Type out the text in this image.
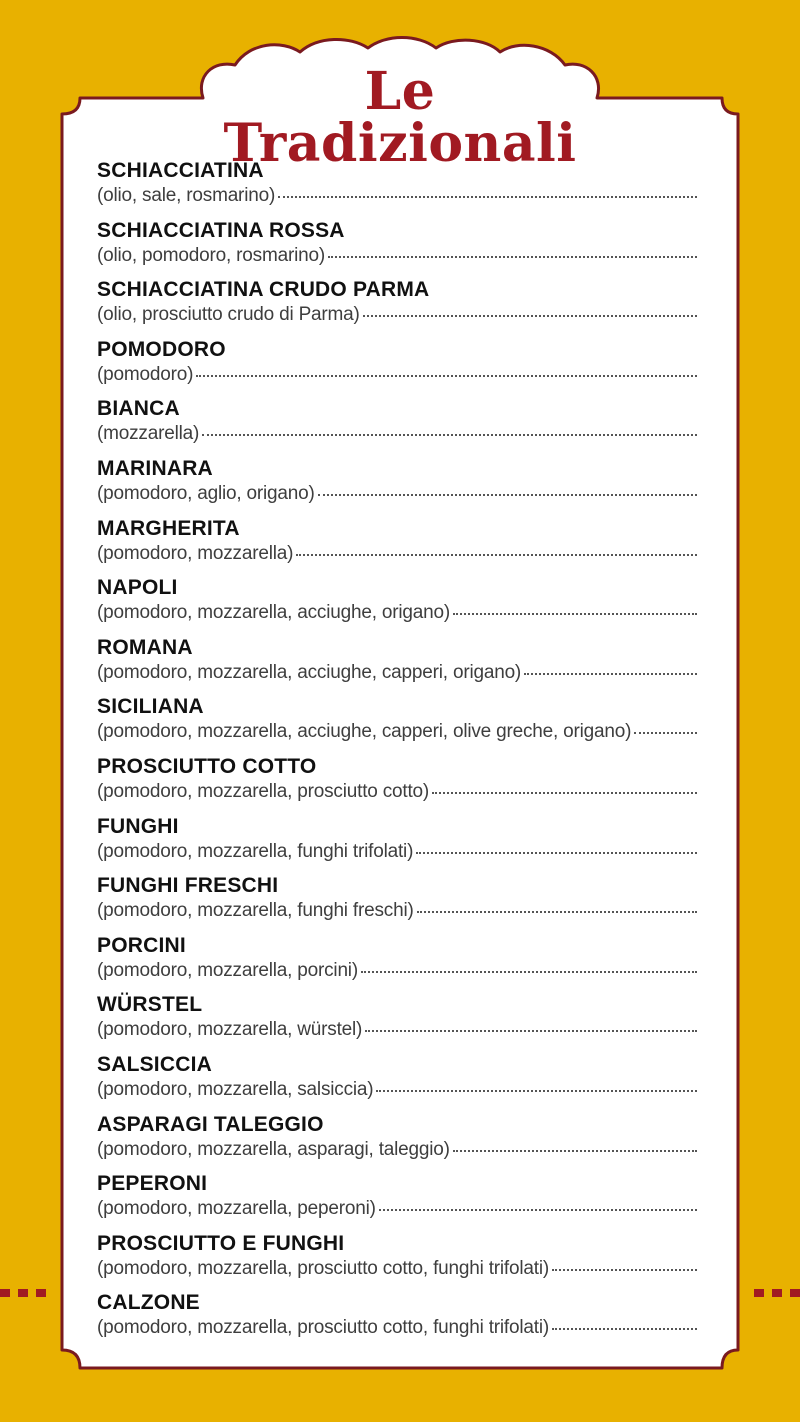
Le Tradizionali
SCHIACCIATINA
(olio, sale, rosmarino)
SCHIACCIATINA ROSSA
(olio, pomodoro, rosmarino)
SCHIACCIATINA CRUDO PARMA
(olio, prosciutto crudo di Parma)
POMODORO
(pomodoro)
BIANCA
(mozzarella)
MARINARA
(pomodoro, aglio, origano)
MARGHERITA
(pomodoro, mozzarella)
NAPOLI
(pomodoro, mozzarella, acciughe, origano)
ROMANA
(pomodoro, mozzarella, acciughe, capperi, origano)
SICILIANA
(pomodoro, mozzarella, acciughe, capperi, olive greche, origano)
PROSCIUTTO COTTO
(pomodoro, mozzarella, prosciutto cotto)
FUNGHI
(pomodoro, mozzarella, funghi trifolati)
FUNGHI FRESCHI
(pomodoro, mozzarella, funghi freschi)
PORCINI
(pomodoro, mozzarella, porcini)
WÜRSTEL
(pomodoro, mozzarella, würstel)
SALSICCIA
(pomodoro, mozzarella, salsiccia)
ASPARAGI TALEGGIO
(pomodoro, mozzarella, asparagi, taleggio)
PEPERONI
(pomodoro, mozzarella, peperoni)
PROSCIUTTO E FUNGHI
(pomodoro, mozzarella, prosciutto cotto, funghi trifolati)
CALZONE
(pomodoro, mozzarella, prosciutto cotto, funghi trifolati)
